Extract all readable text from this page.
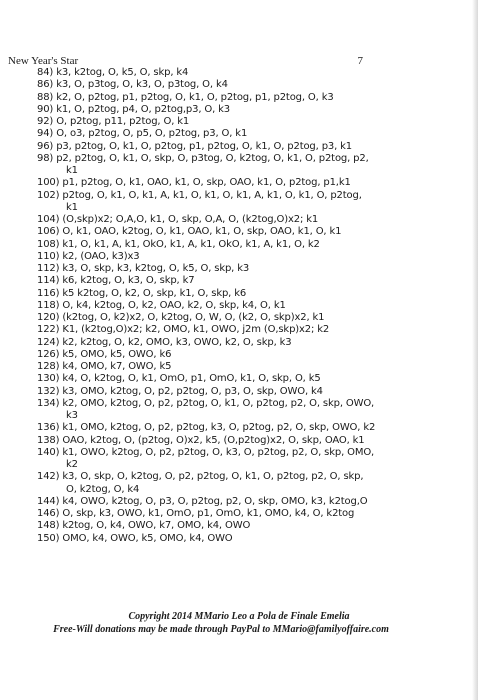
New Year's Star	7
84) k3, k2tog, O, k5, O, skp, k4
86) k3, O, p3tog, O, k3, O, p3tog, O, k4
88) k2, O, p2tog, p1, p2tog, O, k1, O, p2tog, p1, p2tog, O, k3
90) k1, O, p2tog, p4, O, p2tog,p3, O, k3
92) O, p2tog, p11, p2tog, O, k1
94) O, o3, p2tog, O, p5, O, p2tog, p3, O, k1
96) p3, p2tog, O, k1, O, p2tog, p1, p2tog, O, k1, O, p2tog, p3, k1
98) p2, p2tog, O, k1, O, skp, O, p3tog, O, k2tog, O, k1, O, p2tog, p2,
k1
100) p1, p2tog, O, k1, OAO, k1, O, skp, OAO, k1, O, p2tog, p1,k1
102) p2tog, O, k1, O, k1, A, k1, O, k1, O, k1, A, k1, O, k1, O, p2tog,
k1
104) (O,skp)x2; O,A,O, k1, O, skp, O,A, O, (k2tog,O)x2; k1
106) O, k1, OAO, k2tog, O, k1, OAO, k1, O, skp, OAO, k1, O, k1
108) k1, O, k1, A, k1, OkO, k1, A, k1, OkO, k1, A, k1, O, k2
110) k2, (OAO, k3)x3
112) k3, O, skp, k3, k2tog, O, k5, O, skp, k3
114) k6, k2tog, O, k3, O, skp, k7
116) k5 k2tog, O, k2, O, skp, k1, O, skp, k6
118) O, k4, k2tog, O, k2, OAO, k2, O, skp, k4, O, k1
120) (k2tog, O, k2)x2, O, k2tog, O, W, O, (k2, O, skp)x2, k1
122) K1, (k2tog,O)x2; k2, OMO, k1, OWO, j2m (O,skp)x2; k2
124) k2, k2tog, O, k2, OMO, k3, OWO, k2, O, skp, k3
126) k5, OMO, k5, OWO, k6
128) k4, OMO, k7, OWO, k5
130) k4, O, k2tog, O, k1, OmO, p1, OmO, k1, O, skp, O, k5
132) k3, OMO, k2tog, O, p2, p2tog, O, p3, O, skp, OWO, k4
134) k2, OMO, k2tog, O, p2, p2tog, O, k1, O, p2tog, p2, O, skp, OWO,
k3
136) k1, OMO, k2tog, O, p2, p2tog, k3, O, p2tog, p2, O, skp, OWO, k2
138) OAO, k2tog, O, (p2tog, O)x2, k5, (O,p2tog)x2, O, skp, OAO, k1
140) k1, OWO, k2tog, O, p2, p2tog, O, k3, O, p2tog, p2, O, skp, OMO,
k2
142) k3, O, skp, O, k2tog, O, p2, p2tog, O, k1, O, p2tog, p2, O, skp,
O, k2tog, O, k4
144) k4, OWO, k2tog, O, p3, O, p2tog, p2, O, skp, OMO, k3, k2tog,O
146) O, skp, k3, OWO, k1, OmO, p1, OmO, k1, OMO, k4, O, k2tog
148) k2tog, O, k4, OWO, k7, OMO, k4, OWO
150) OMO, k4, OWO, k5, OMO, k4, OWO
Copyright 2014 MMario Leo a Pola de Finale Emelia

Free-Will donations may be made through PayPal to MMario@familyoffaire.com
